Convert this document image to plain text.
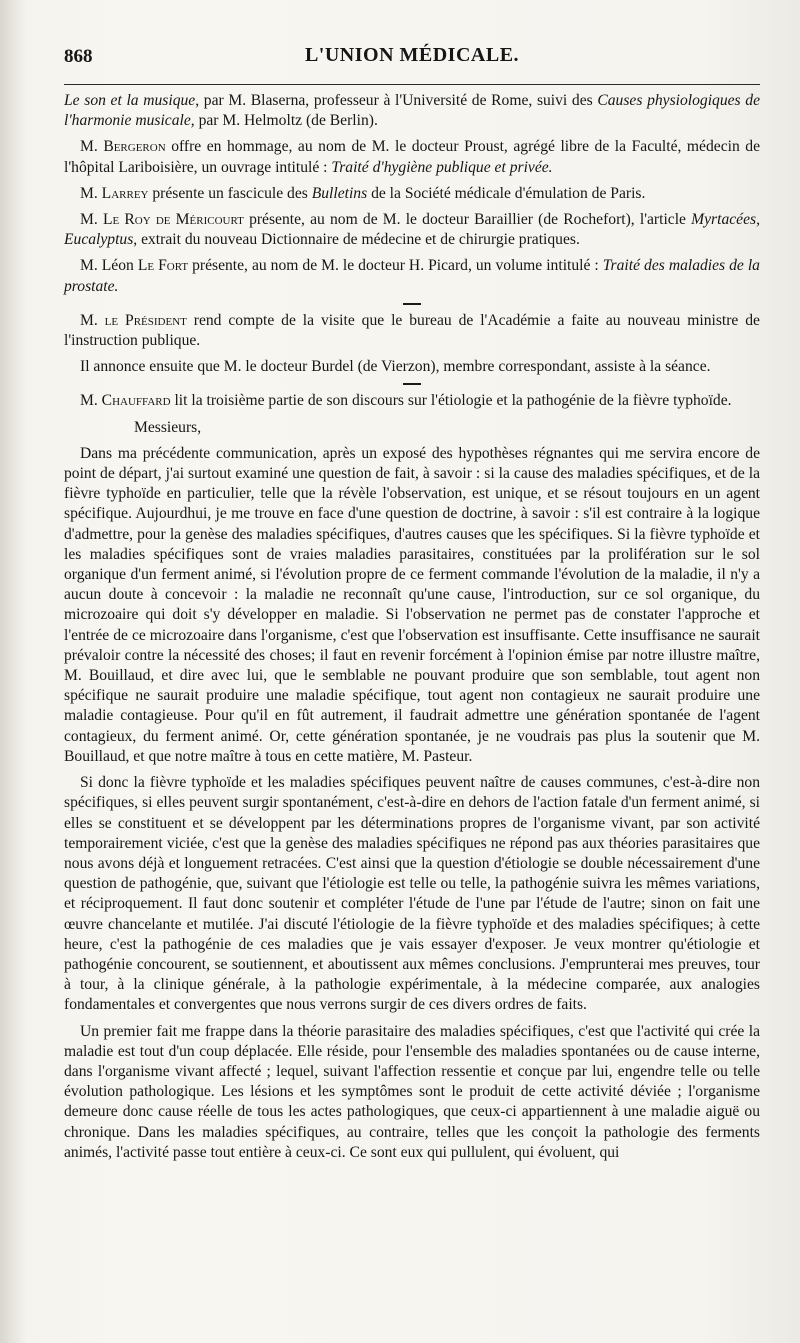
868	L'UNION MÉDICALE.

Le son et la musique, par M. Blaserna, professeur à l'Université de Rome, suivi des Causes physiologiques de l'harmonie musicale, par M. Helmoltz (de Berlin).

M. Bergeron offre en hommage, au nom de M. le docteur Proust, agrégé libre de la Faculté, médecin de l'hôpital Lariboisière, un ouvrage intitulé : Traité d'hygiène publique et privée.

M. Larrey présente un fascicule des Bulletins de la Société médicale d'émulation de Paris.

M. Le Roy de Méricourt présente, au nom de M. le docteur Baraillier (de Rochefort), l'article Myrtacées, Eucalyptus, extrait du nouveau Dictionnaire de médecine et de chirurgie pratiques.

M. Léon Le Fort présente, au nom de M. le docteur H. Picard, un volume intitulé : Traité des maladies de la prostate.

M. le Président rend compte de la visite que le bureau de l'Académie a faite au nouveau ministre de l'instruction publique.

Il annonce ensuite que M. le docteur Burdel (de Vierzon), membre correspondant, assiste à la séance.

M. Chauffard lit la troisième partie de son discours sur l'étiologie et la pathogénie de la fièvre typhoïde.

Messieurs,

Dans ma précédente communication, après un exposé des hypothèses régnantes qui me servira encore de point de départ, j'ai surtout examiné une question de fait, à savoir : si la cause des maladies spécifiques, et de la fièvre typhoïde en particulier, telle que la révèle l'observation, est unique, et se résout toujours en un agent spécifique. Aujourdhui, je me trouve en face d'une question de doctrine, à savoir : s'il est contraire à la logique d'admettre, pour la genèse des maladies spécifiques, d'autres causes que les spécifiques. Si la fièvre typhoïde et les maladies spécifiques sont de vraies maladies parasitaires, constituées par la prolifération sur le sol organique d'un ferment animé, si l'évolution propre de ce ferment commande l'évolution de la maladie, il n'y a aucun doute à concevoir : la maladie ne reconnaît qu'une cause, l'introduction, sur ce sol organique, du microzoaire qui doit s'y développer en maladie. Si l'observation ne permet pas de constater l'approche et l'entrée de ce microzoaire dans l'organisme, c'est que l'observation est insuffisante. Cette insuffisance ne saurait prévaloir contre la nécessité des choses; il faut en revenir forcément à l'opinion émise par notre illustre maître, M. Bouillaud, et dire avec lui, que le semblable ne pouvant produire que son semblable, tout agent non spécifique ne saurait produire une maladie spécifique, tout agent non contagieux ne saurait produire une maladie contagieuse. Pour qu'il en fût autrement, il faudrait admettre une génération spontanée de l'agent contagieux, du ferment animé. Or, cette génération spontanée, je ne voudrais pas plus la soutenir que M. Bouillaud, et que notre maître à tous en cette matière, M. Pasteur.

Si donc la fièvre typhoïde et les maladies spécifiques peuvent naître de causes communes, c'est-à-dire non spécifiques, si elles peuvent surgir spontanément, c'est-à-dire en dehors de l'action fatale d'un ferment animé, si elles se constituent et se développent par les déterminations propres de l'organisme vivant, par son activité temporairement viciée, c'est que la genèse des maladies spécifiques ne répond pas aux théories parasitaires que nous avons déjà et longuement retracées. C'est ainsi que la question d'étiologie se double nécessairement d'une question de pathogénie, que, suivant que l'étiologie est telle ou telle, la pathogénie suivra les mêmes variations, et réciproquement. Il faut donc soutenir et compléter l'étude de l'une par l'étude de l'autre; sinon on fait une œuvre chancelante et mutilée. J'ai discuté l'étiologie de la fièvre typhoïde et des maladies spécifiques; à cette heure, c'est la pathogénie de ces maladies que je vais essayer d'exposer. Je veux montrer qu'étiologie et pathogénie concourent, se soutiennent, et aboutissent aux mêmes conclusions. J'emprunterai mes preuves, tour à tour, à la clinique générale, à la pathologie expérimentale, à la médecine comparée, aux analogies fondamentales et convergentes que nous verrons surgir de ces divers ordres de faits.

Un premier fait me frappe dans la théorie parasitaire des maladies spécifiques, c'est que l'activité qui crée la maladie est tout d'un coup déplacée. Elle réside, pour l'ensemble des maladies spontanées ou de cause interne, dans l'organisme vivant affecté ; lequel, suivant l'affection ressentie et conçue par lui, engendre telle ou telle évolution pathologique. Les lésions et les symptômes sont le produit de cette activité déviée ; l'organisme demeure donc cause réelle de tous les actes pathologiques, que ceux-ci appartiennent à une maladie aiguë ou chronique. Dans les maladies spécifiques, au contraire, telles que les conçoit la pathologie des ferments animés, l'activité passe tout entière à ceux-ci. Ce sont eux qui pullulent, qui évoluent, qui
